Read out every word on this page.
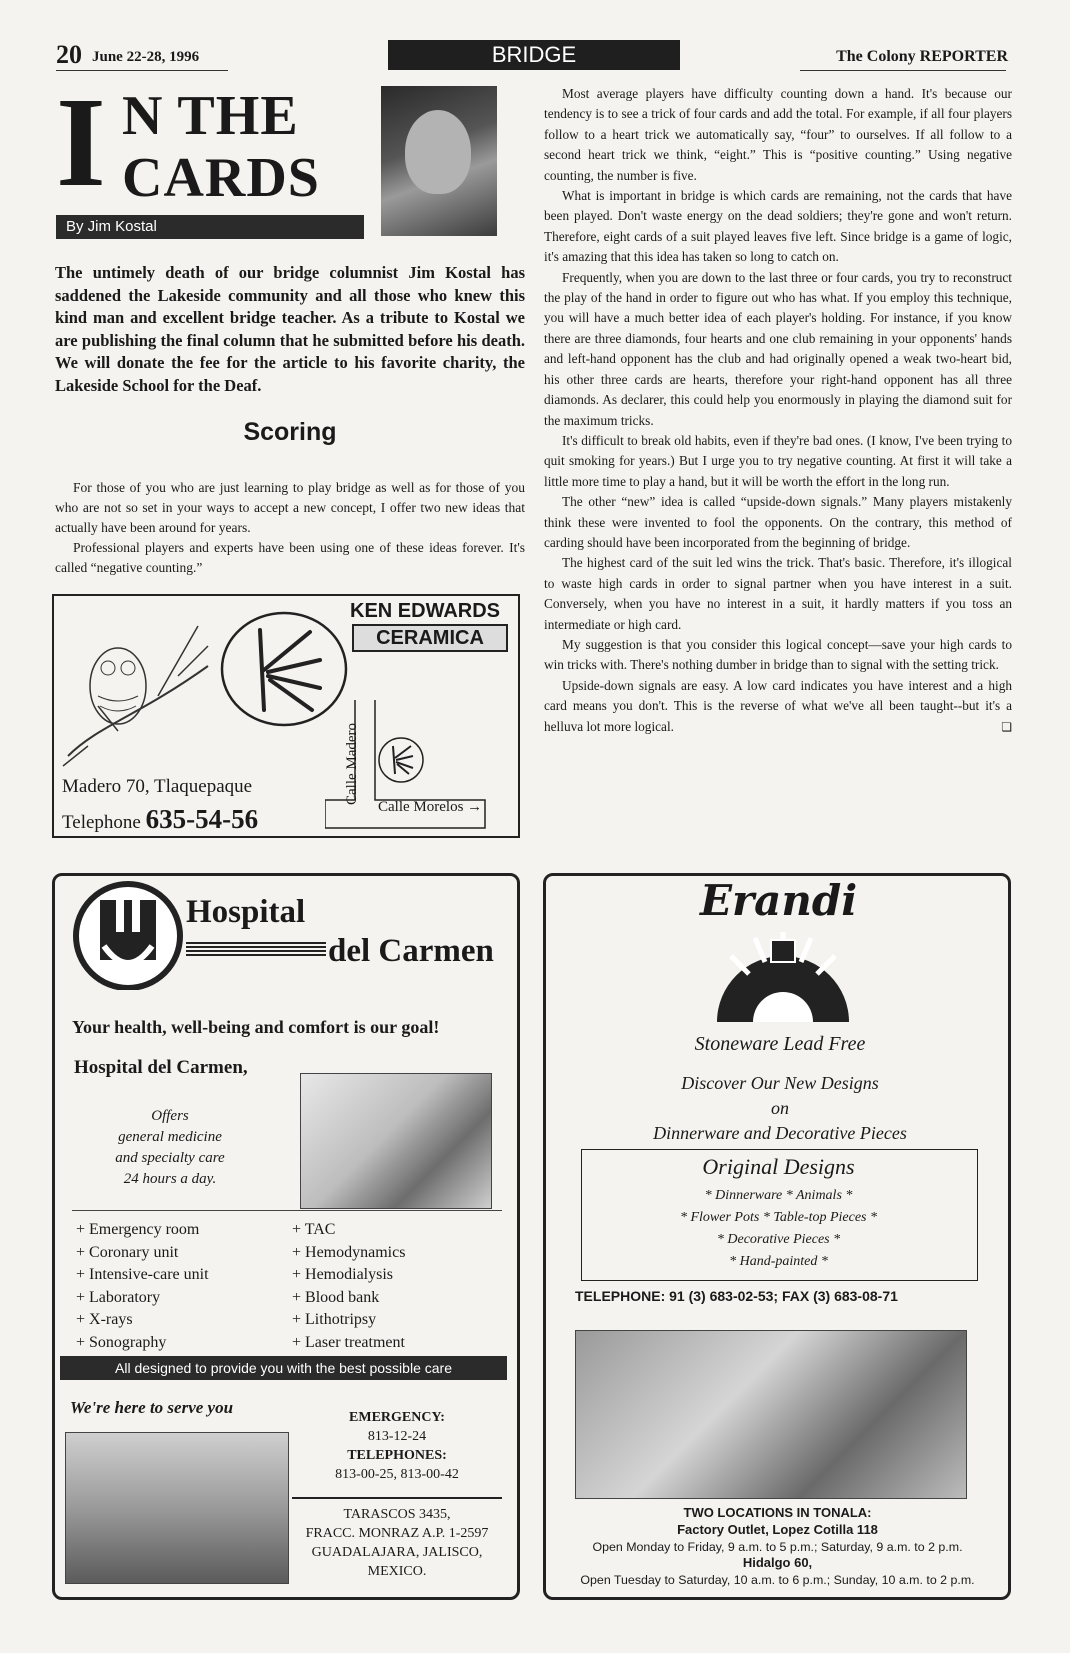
20 June 22-28, 1996	BRIDGE	The Colony REPORTER
I N THE
CARDS
By Jim Kostal
The untimely death of our bridge columnist Jim Kostal has saddened the Lakeside community and all those who knew this kind man and excellent bridge teacher. As a tribute to Kostal we are publishing the final column that he submitted before his death. We will donate the fee for the article to his favorite charity, the Lakeside School for the Deaf.
Scoring

For those of you who are just learning to play bridge as well as for those of you who are not so set in your ways to accept a new concept, I offer two new ideas that actually have been around for years.

Professional players and experts have been using one of these ideas forever. It's called “negative counting.”

Most average players have difficulty counting down a hand. It's because our tendency is to see a trick of four cards and add the total. For example, if all four players follow to a heart trick we automatically say, “four” to ourselves. If all follow to a second heart trick we think, “eight.” This is “positive counting.” Using negative counting, the number is five.

What is important in bridge is which cards are remaining, not the cards that have been played. Don't waste energy on the dead soldiers; they're gone and won't return. Therefore, eight cards of a suit played leaves five left. Since bridge is a game of logic, it's amazing that this idea has taken so long to catch on.

Frequently, when you are down to the last three or four cards, you try to reconstruct the play of the hand in order to figure out who has what. If you employ this technique, you will have a much better idea of each player's holding. For instance, if you know there are three diamonds, four hearts and one club remaining in your opponents' hands and left-hand opponent has the club and had originally opened a weak two-heart bid, his other three cards are hearts, therefore your right-hand opponent has all three diamonds. As declarer, this could help you enormously in playing the diamond suit for the maximum tricks.

It's difficult to break old habits, even if they're bad ones. (I know, I've been trying to quit smoking for years.) But I urge you to try negative counting. At first it will take a little more time to play a hand, but it will be worth the effort in the long run.

The other “new” idea is called “upside-down signals.” Many players mistakenly think these were invented to fool the opponents. On the contrary, this method of carding should have been incorporated from the beginning of bridge.

The highest card of the suit led wins the trick. That's basic. Therefore, it's illogical to waste high cards in order to signal partner when you have interest in a suit. Conversely, when you have no interest in a suit, it hardly matters if you toss an intermediate or high card.

My suggestion is that you consider this logical concept—save your high cards to win tricks with. There's nothing dumber in bridge than to signal with the setting trick.

Upside-down signals are easy. A low card indicates you have interest and a high card means you don't. This is the reverse of what we've all been taught--but it's a helluva lot more logical.	❏

KEN EDWARDS
CERAMICA
Calle Madero
Calle Morelos →
Madero 70, Tlaquepaque
Telephone 635-54-56
Hospital
del Carmen
Your health, well-being and comfort is our goal!
Hospital del Carmen,
Offers
general medicine
and specialty care
24 hours a day.
+ Emergency room
+ Coronary unit
+ Intensive-care unit
+ Laboratory
+ X-rays
+ Sonography
+ TAC
+ Hemodynamics
+ Hemodialysis
+ Blood bank
+ Lithotripsy
+ Laser treatment
All designed to provide you with the best possible care
We're here to serve you
EMERGENCY:
813-12-24
TELEPHONES:
813-00-25, 813-00-42
TARASCOS 3435,
FRACC. MONRAZ A.P. 1-2597
GUADALAJARA, JALISCO,
MEXICO.
Erandi
Stoneware Lead Free
Discover Our New Designs
on
Dinnerware and Decorative Pieces
Original Designs
* Dinnerware * Animals *
* Flower Pots * Table-top Pieces *
* Decorative Pieces *
* Hand-painted *
TELEPHONE: 91 (3) 683-02-53; FAX (3) 683-08-71
TWO LOCATIONS IN TONALA:
Factory Outlet, Lopez Cotilla 118
Open Monday to Friday, 9 a.m. to 5 p.m.; Saturday, 9 a.m. to 2 p.m.
Hidalgo 60,
Open Tuesday to Saturday, 10 a.m. to 6 p.m.; Sunday, 10 a.m. to 2 p.m.
